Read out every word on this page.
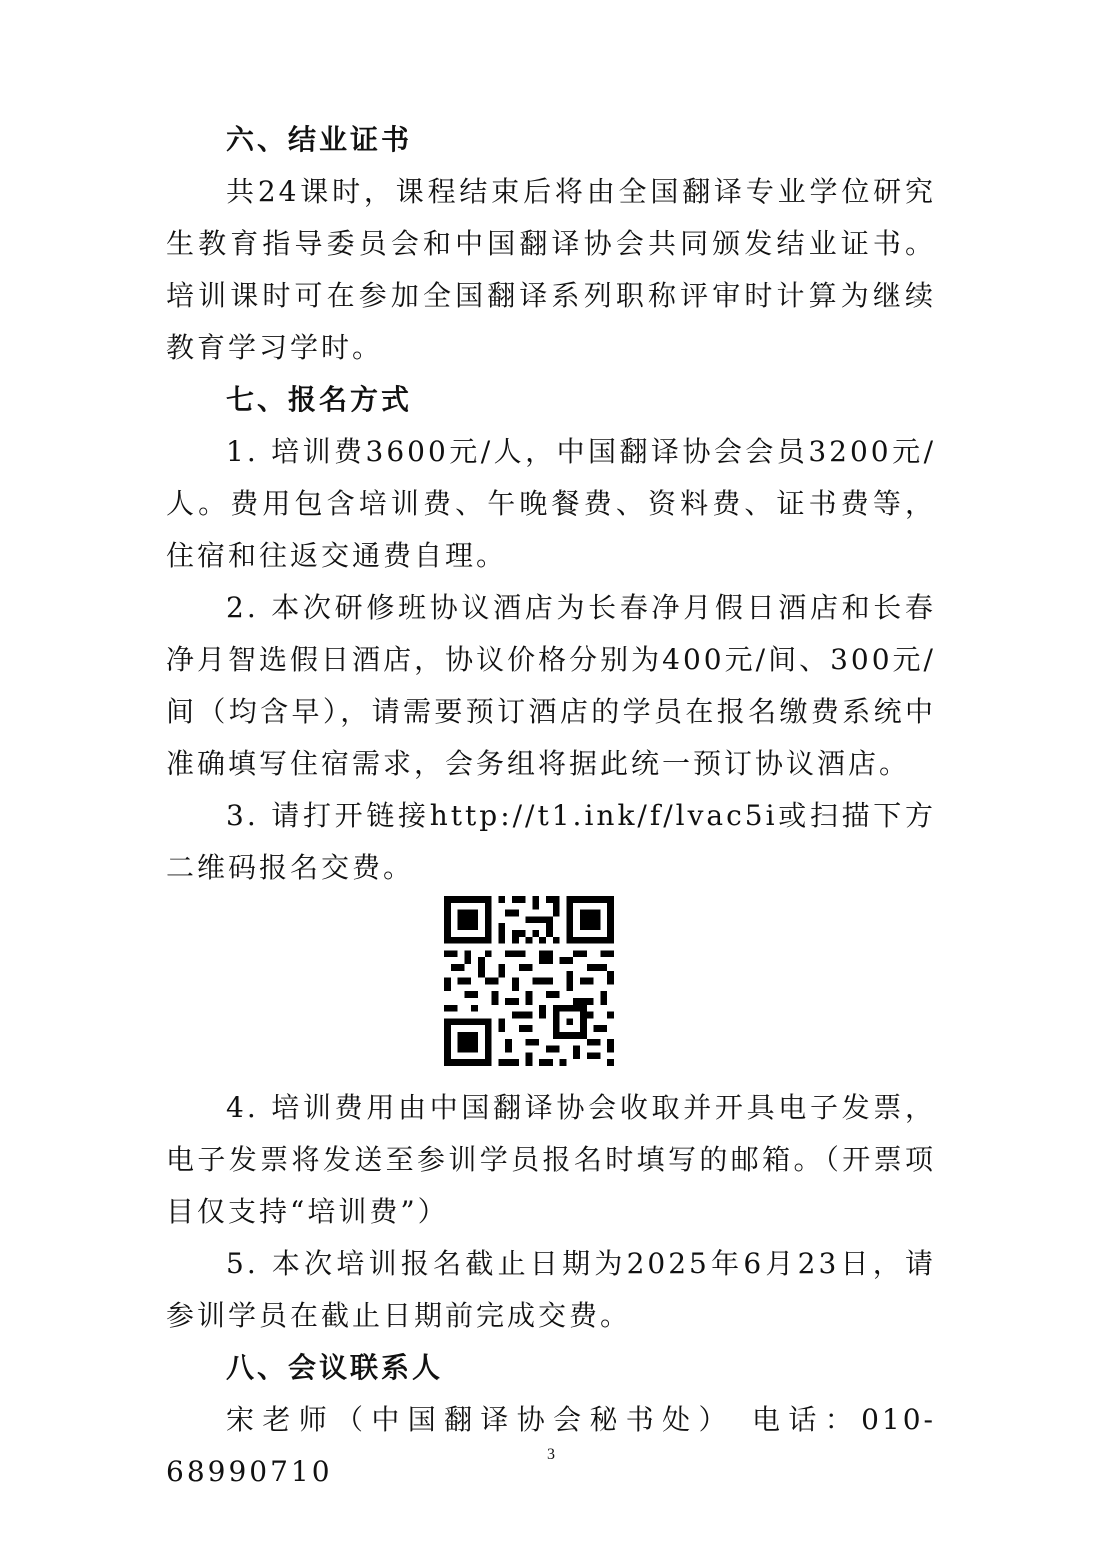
六、结业证书

共24课时，课程结束后将由全国翻译专业学位研究生教育指导委员会和中国翻译协会共同颁发结业证书。培训课时可在参加全国翻译系列职称评审时计算为继续教育学习学时。

七、报名方式

1. 培训费3600元/人，中国翻译协会会员3200元/人。费用包含培训费、午晚餐费、资料费、证书费等，住宿和往返交通费自理。

2. 本次研修班协议酒店为长春净月假日酒店和长春净月智选假日酒店，协议价格分别为400元/间、300元/间（均含早），请需要预订酒店的学员在报名缴费系统中准确填写住宿需求，会务组将据此统一预订协议酒店。

3. 请打开链接http://t1.ink/f/lvac5i或扫描下方二维码报名交费。

4. 培训费用由中国翻译协会收取并开具电子发票，电子发票将发送至参训学员报名时填写的邮箱。（开票项目仅支持“培训费”）

5. 本次培训报名截止日期为2025年6月23日，请参训学员在截止日期前完成交费。

八、会议联系人

宋老师（中国翻译协会秘书处） 电话：010-68990710

3
